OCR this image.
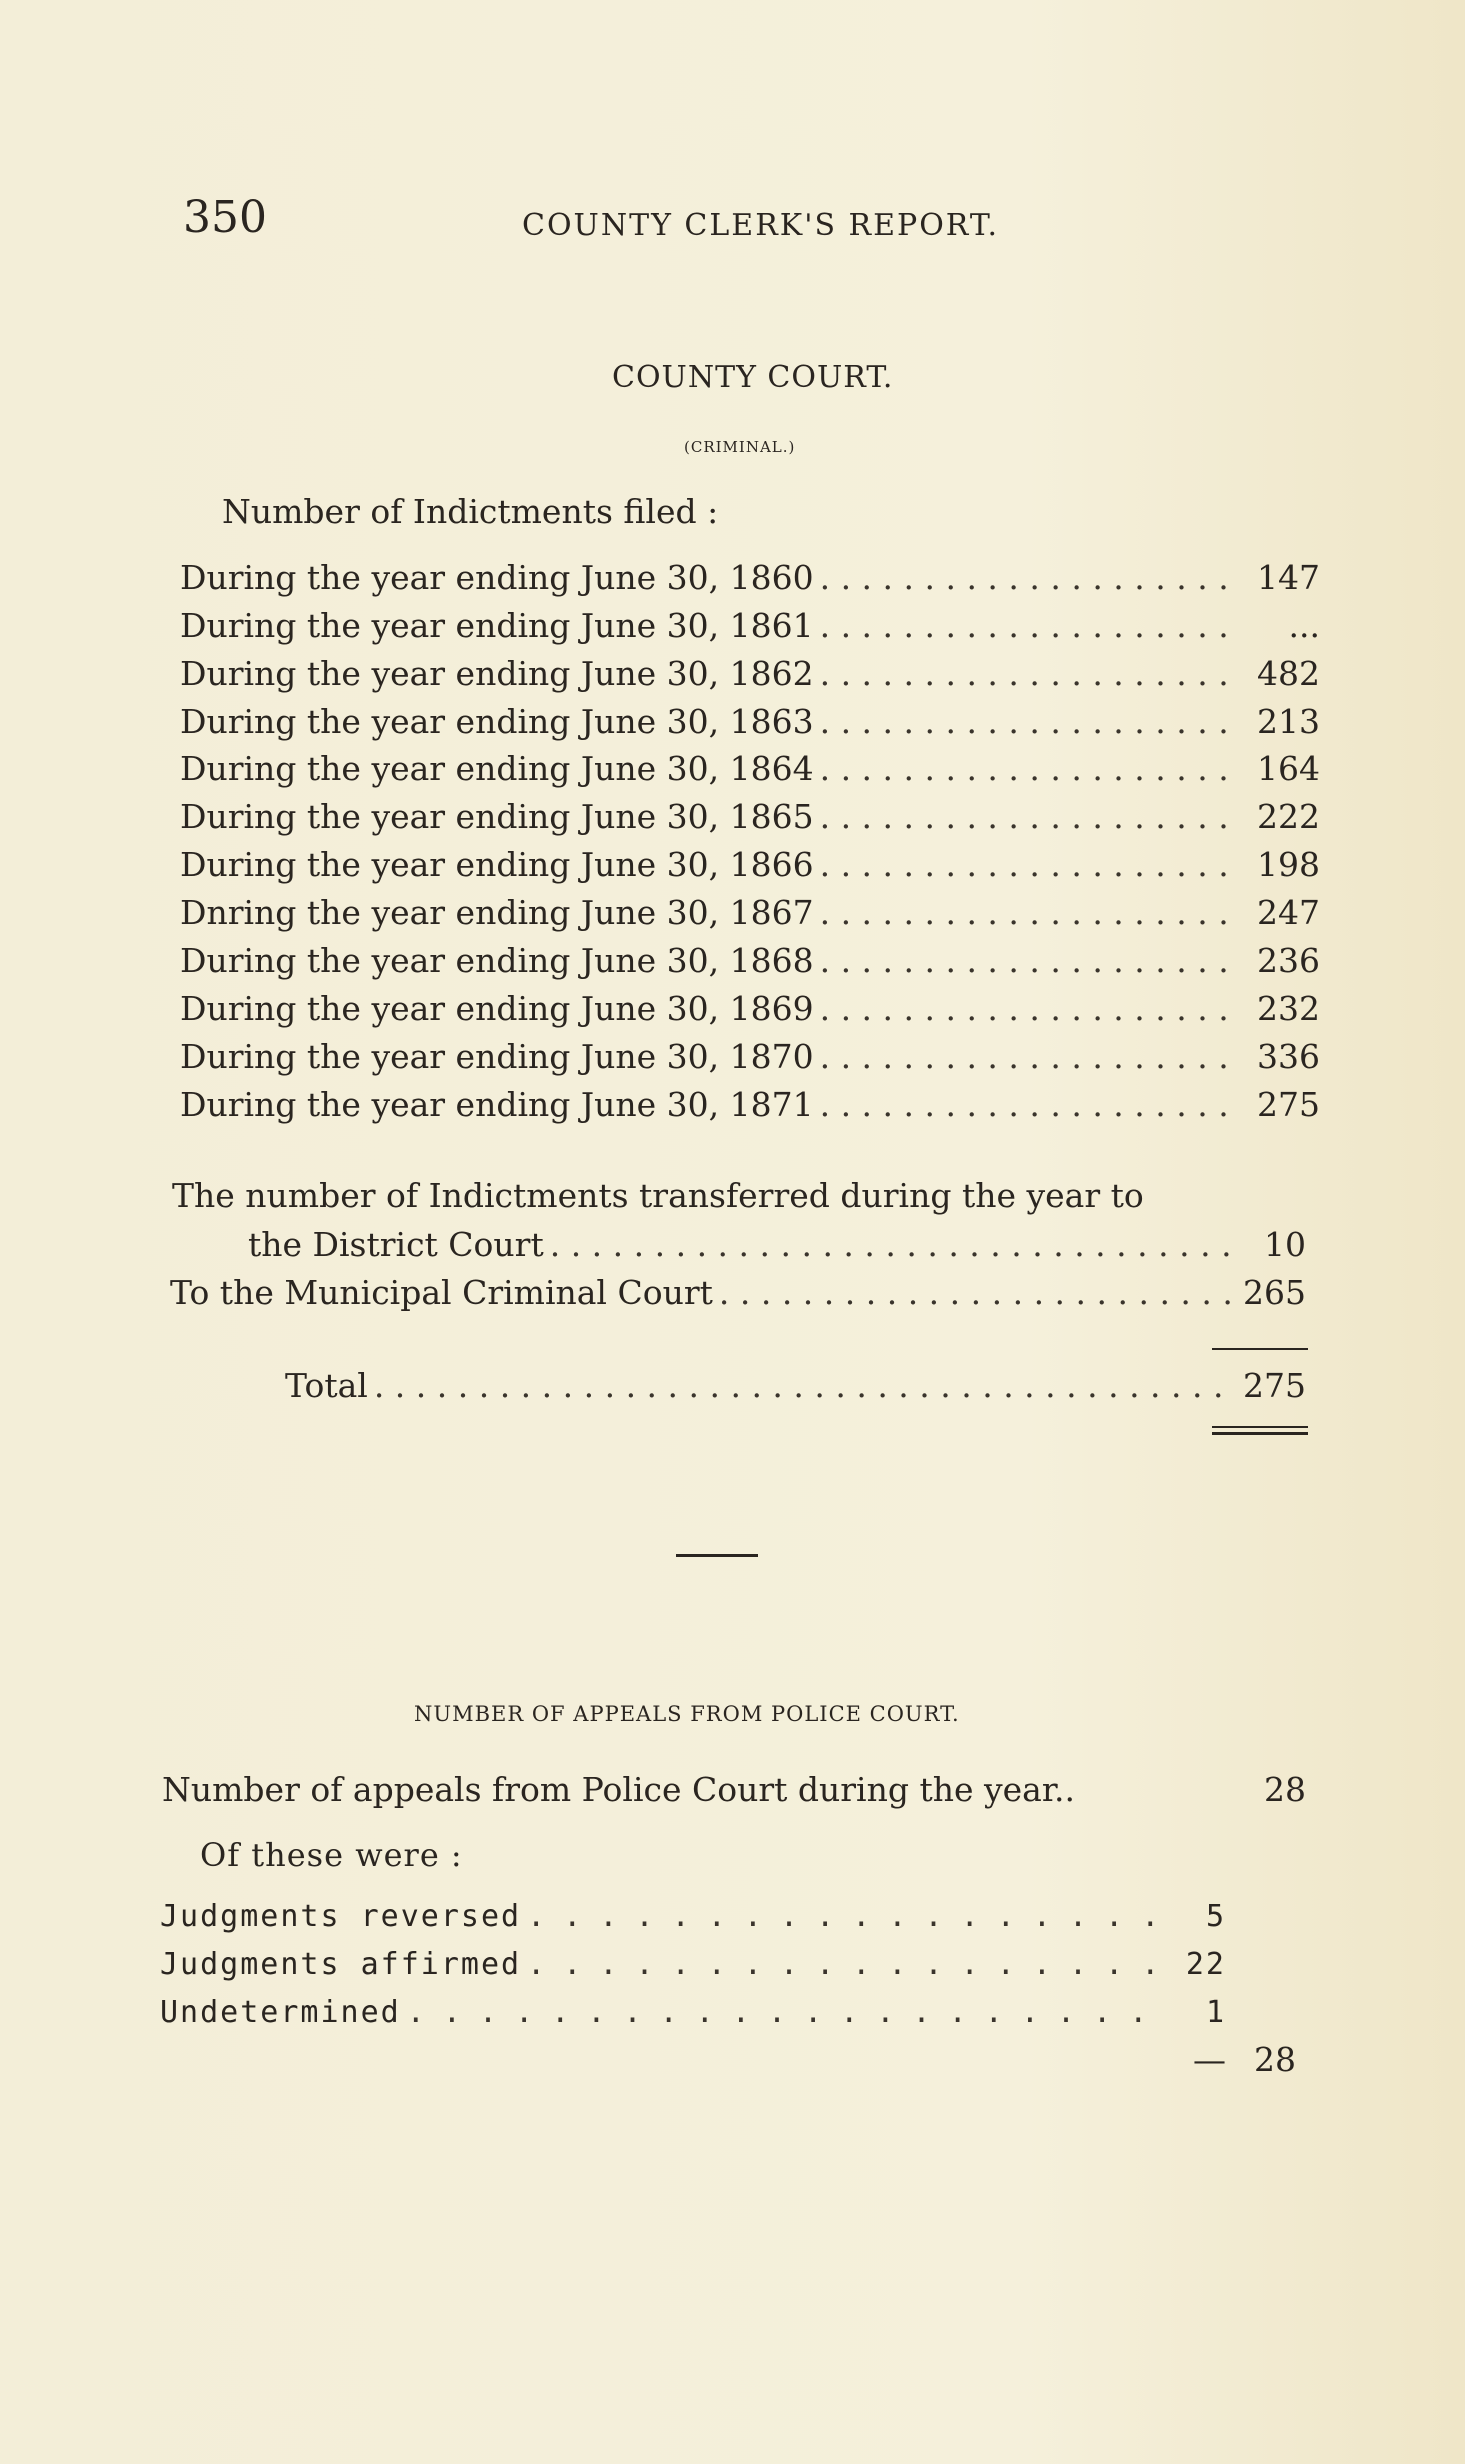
350	COUNTY CLERK'S REPORT.
COUNTY COURT.
(CRIMINAL.)
Number of Indictments filed :
During the year ending June 30, 1860 . . .	147
During the year ending June 30, 1861 . . .	...
During the year ending June 30, 1862 . . .	482
During the year ending June 30, 1863 . . .	213
During the year ending June 30, 1864 . . .	164
During the year ending June 30, 1865 . . .	222
During the year ending June 30, 1866 . . .	198
Dnring the year ending June 30, 1867 . . .	247
During the year ending June 30, 1868 . . .	236
During the year ending June 30, 1869 . . .	232
During the year ending June 30, 1870 . . .	336
During the year ending June 30, 1871 . . .	275
The number of Indictments transferred during the year to
the District Court . . .	10
To the Municipal Criminal Court . . .	265
Total . . .	275
NUMBER OF APPEALS FROM POLICE COURT.
Number of appeals from Police Court during the year..	28
Of these were :
Judgments reversed . . .	5
Judgments affirmed . . .	22
Undetermined . . .	1
— 28
